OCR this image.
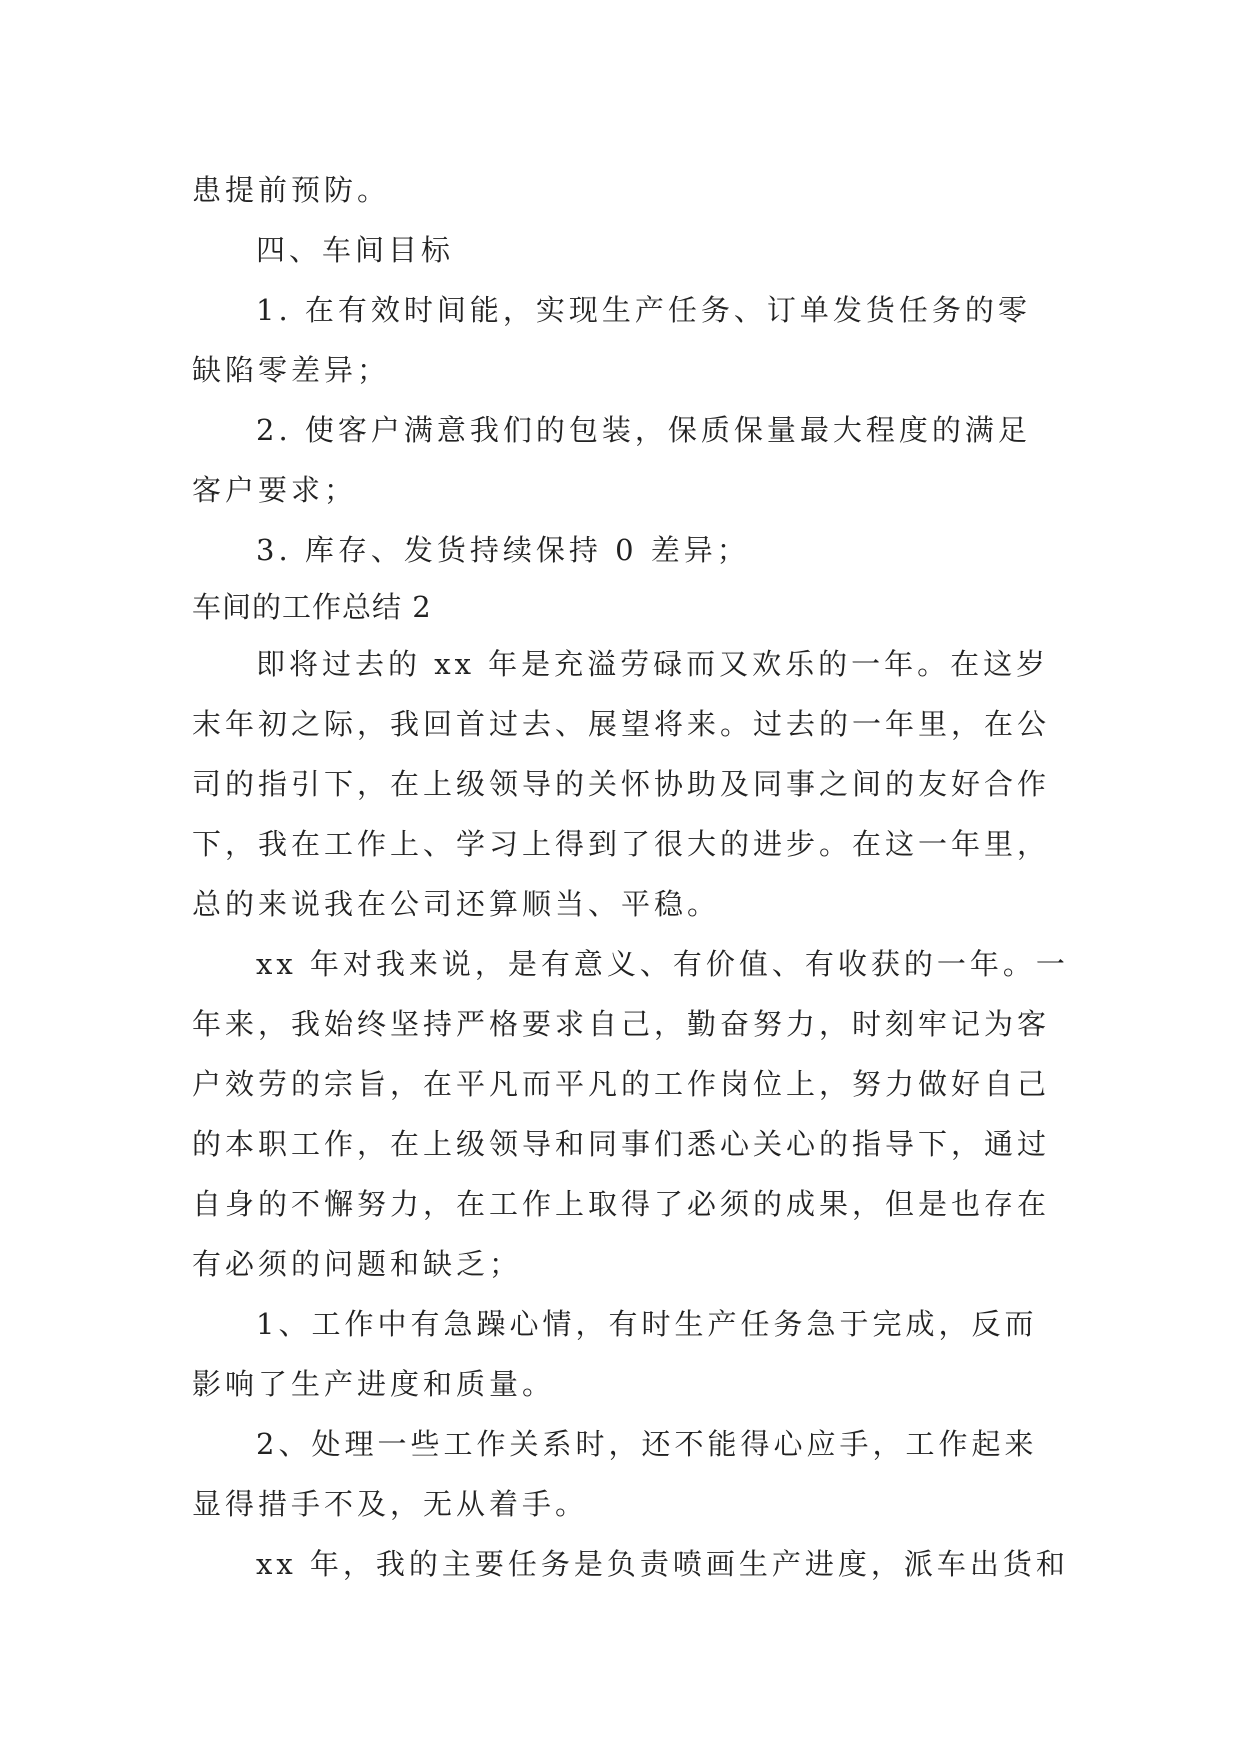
患提前预防。
四、车间目标
1. 在有效时间能，实现生产任务、订单发货任务的零
缺陷零差异；
2. 使客户满意我们的包装，保质保量最大程度的满足
客户要求；
3. 库存、发货持续保持 0 差异；
车间的工作总结 2
即将过去的 xx 年是充溢劳碌而又欢乐的一年。在这岁
末年初之际，我回首过去、展望将来。过去的一年里，在公
司的指引下，在上级领导的关怀协助及同事之间的友好合作
下，我在工作上、学习上得到了很大的进步。在这一年里，
总的来说我在公司还算顺当、平稳。
xx 年对我来说，是有意义、有价值、有收获的一年。一
年来，我始终坚持严格要求自己，勤奋努力，时刻牢记为客
户效劳的宗旨，在平凡而平凡的工作岗位上，努力做好自己
的本职工作，在上级领导和同事们悉心关心的指导下，通过
自身的不懈努力，在工作上取得了必须的成果，但是也存在
有必须的问题和缺乏；
1、工作中有急躁心情，有时生产任务急于完成，反而
影响了生产进度和质量。
2、处理一些工作关系时，还不能得心应手，工作起来
显得措手不及，无从着手。
xx 年，我的主要任务是负责喷画生产进度，派车出货和
